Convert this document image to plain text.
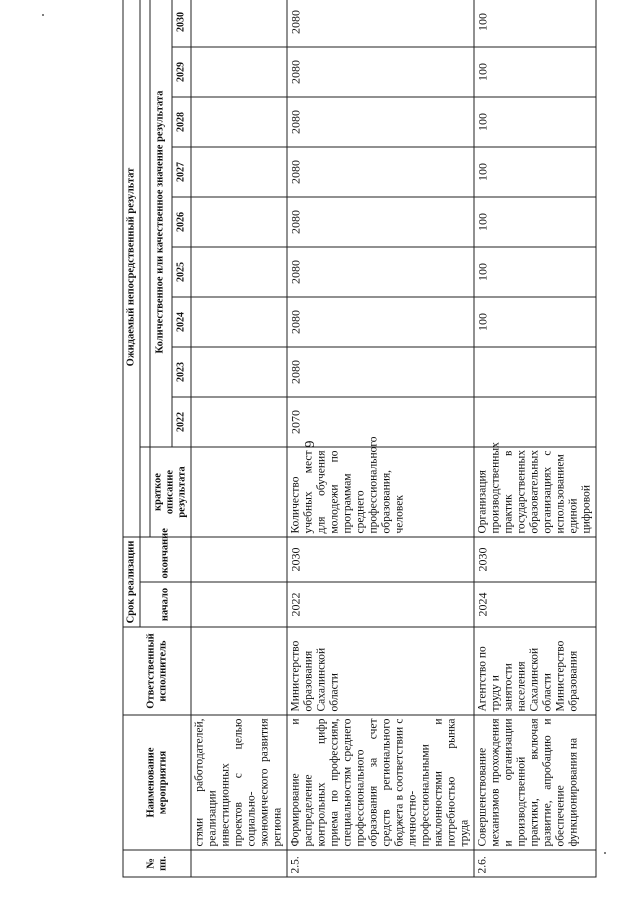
6
№ пп.	Наименование мероприятия	Ответственный исполнитель	Срок реализации		Ожидаемый непосредственный результат									
			начало	окончание										
					краткое описание результата	Количественное или качественное значение результата								
						2022	2023	2024	2025	2026	2027	2028	2029	2030
	стями работодателей, реализации инвестиционных проектов с целью социально-экономического развития региона													
2.5.	Формирование и распределение контрольных цифр приема по профессиям, специальностям среднего профессионального образования за счет средств регионального бюджета в соответствии с личностно-профессиональными наклонностями и потребностью рынка труда	Министерство образования Сахалинской области	2022	2030	Количество учебных мест для обучения молодежи по программам среднего профессионального образования, человек	2070	2080	2080	2080	2080	2080	2080	2080	2080
2.6.	Совершенствование механизмов прохождения и организации производственной практики, включая развитие, апробацию и обеспечение функционирования на	Агентство по труду и занятости населения Сахалинской области Министерство образования	2024	2030	Организация производственных практик в государственных образовательных организациях с использованием единой цифровой			100	100	100	100	100	100	100
